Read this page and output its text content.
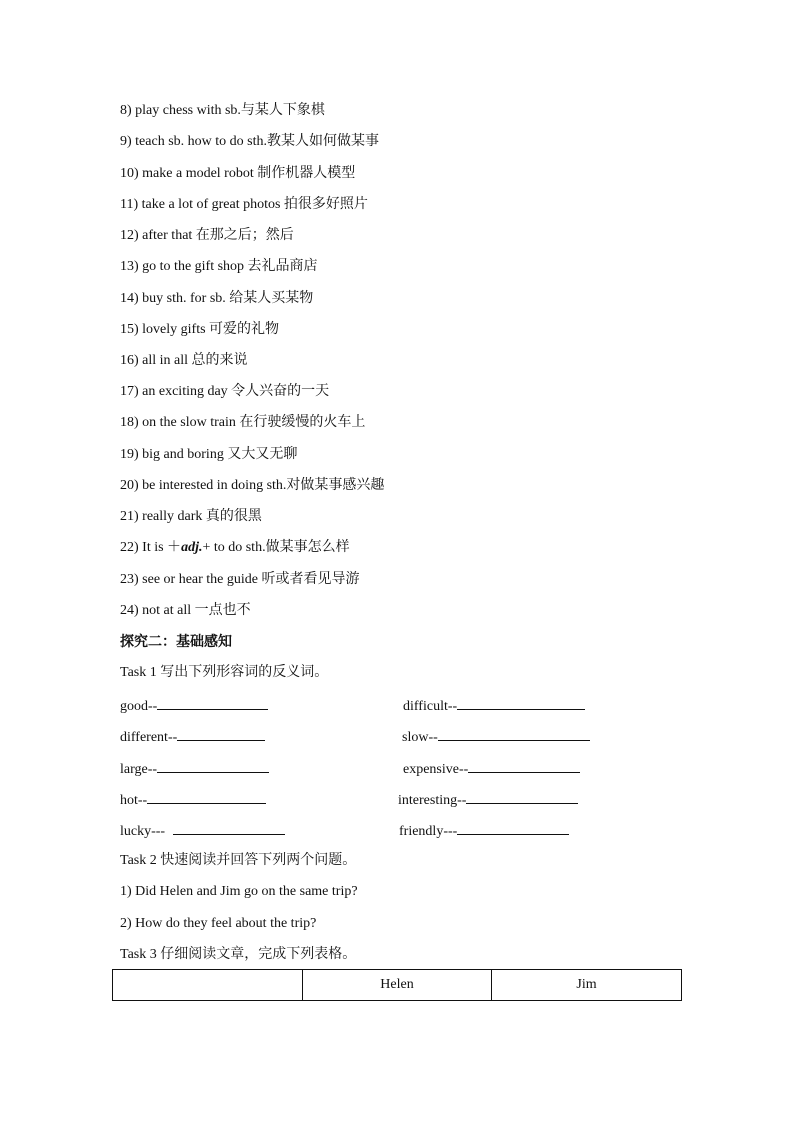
8) play chess with sb.与某人下象棋
9) teach sb. how to do sth.教某人如何做某事
10) make a model robot 制作机器人模型
11) take a lot of great photos 拍很多好照片
12) after that 在那之后；然后
13) go to the gift shop 去礼品商店
14) buy sth. for sb. 给某人买某物
15) lovely gifts 可爱的礼物
16) all in all 总的来说
17) an exciting day 令人兴奋的一天
18) on the slow train 在行驶缓慢的火车上
19) big and boring 又大又无聊
20) be interested in doing sth.对做某事感兴趣
21) really dark 真的很黑
22) It is ＋adj.+ to do sth.做某事怎么样
23) see or hear the guide 听或者看见导游
24) not at all 一点也不
探究二：基础感知
Task 1 写出下列形容词的反义词。
good--	difficult--
different--	slow--
large--	expensive--
hot--	interesting--
lucky---	friendly---
Task 2 快速阅读并回答下列两个问题。
1) Did Helen and Jim go on the same trip?
2) How do they feel about the trip?
Task 3 仔细阅读文章，完成下列表格。
	Helen	Jim
